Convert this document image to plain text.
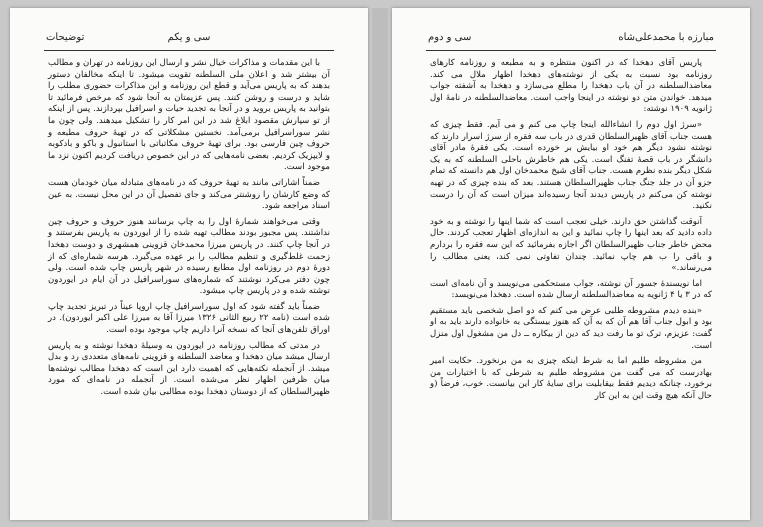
توضیحات	سی و یکم

با این مقدمات و مذاکرات خیال نشر و ارسال این روزنامه در تهران و مطالب آن بیشتر شد و اعلان ملی السلطنه تقویت میشود. تا اینکه مخالفان دستور بدهند که به پاریس می‌آید و قطع این روزنامه و این مذاکرات حضوری مطلب را شاید و درست و روشن کنند. پس عزیمتان به آنجا شود که مرخص فرمائید تا بتوانید به پاریس بروید و در آنجا به تجدید حیات و اسرافیل بپردازند. پس از اینکه از تو سپارش مقصود ابلاغ شد در این امر کار را تشکیل میدهند. ولی چون ما نشر سوراسرافیل برمی‌آمد. نخستین مشکلاتی که در تهیهٔ حروف مطبعه و حروف چین فارسی بود. برای تهیهٔ حروف مکاتباتی با استانبول و باکو و بادکوبه و لایپزیک کردیم. بعضی نامه‌هایی که در این خصوص دریافت کردیم اکنون نزد ما موجود است.

ضمناً اشاراتی مانند به تهیهٔ حروف که در نامه‌های متبادله میان خودمان هست که وضع کارشان را روشنتر می‌کند و جای تفصیل آن در این محل نیست. به عین اسناد مراجعه شود.

وقتی می‌خواهند شمارهٔ اول را به چاپ برسانند هنوز حروف و حروف چین نداشتند. پس مجبور بودند مطالب تهیه شده را از ایوردون به پاریس بفرستند و در آنجا چاپ کنند. در پاریس میرزا محمدخان قزوینی همشهری و دوست دهخدا زحمت غلط‌گیری و تنظیم مطالب را بر عهده می‌گیرد. هرسه شماره‌ای که از دورهٔ دوم در روزنامه اول مطابع رسیده در شهر پاریس چاپ شده است. ولی چون دفتر می‌کرد نوشتند که شماره‌های سوراسرافیل در آن ایام در ایوردون نوشته شده و در پاریس چاپ میشود.

ضمناً باید گفته شود که اول سوراسرافیل چاپ اروپا عیناً در تبریز تجدید چاپ شده است (نامه ۲۲ ربیع الثانی ۱۳۲۶ میرزا آقا به میرزا علی اکبر ایوردون). در اوراق تلفن‌های آنجا که نسخه آنرا داریم چاپ موجود بوده است.

در مدتی که مطالب روزنامه در ایوردون به وسیلهٔ دهخدا نوشته و به پاریس ارسال میشد میان دهخدا و معاضد السلطنه و قزوینی نامه‌های متعددی رد و بدل میشد. از آنجمله نکته‌هایی که اهمیت دارد این است که دهخدا مطالب نوشته‌ها میان ظرفین اظهار نظر می‌شده است. از آنجمله در نامه‌ای که مورد ظهیرالسلطان که از دوستان دهخدا بوده مطالبی بیان شده است.

سی و دوم	مبارزه با محمدعلی‌شاه

پاریس آقای دهخدا که در اکنون منتظره و به مطبعه و روزنامه کارهای روزنامه بود نسبت به یکی از نوشته‌های دهخدا اظهار ملال می کند. معاضدالسلطنه در آن باب دهخدا را مطلع می‌سازد و دهخدا به آشفته جواب میدهد. خواندن متن دو نوشته در اینجا واجب است. معاضدالسلطنه در نامهٔ اول ژانویه ۱۹۰۹ نوشته:

«سرژ اول دوم را انشاءالله اینجا چاپ می کنم و می آیم. فقط چیزی که هست جناب آقای ظهیرالسلطان قدری در باب سه فقره از سرژ اسرار دارند که نوشته نشود دیگر هم خود او بیایش بر خورده است. یکی فقرهٔ مادر آقای دانشگر در باب قصهٔ تفنگ است. یکی هم خاطرش باحلی السلطنه که به یک شکل دیگر بنده نظرم هست. جناب آقای شیخ محمدخان اول هم دانسته که تمام جزو آن در جلد جنگ جناب ظهیرالسلطان هستند. بعد که بنده چیزی که در تهیه نوشته کن می‌کنم در پاریس دیدند آنجا رسیده‌اند میزان است که آن را درست نکنید.

آنوقت گذاشتن حق دارند. خیلی تعجب است که شما اینها را نوشته و به خود داده دادید که بعد اینها را چاپ نمائید و این به اندازه‌ای اظهار تعجب کردند. حال محض خاطر جناب ظهیرالسلطان اگر اجازه بفرمائید که این سه فقره را بردارم و باقی را ب هم چاپ نمائید. چندان تفاوتی نمی کند، یعنی مطالب را می‌رساند.»

اما نویسندهٔ جسور آن نوشته، جواب مستحکمی می‌نویسد و آن نامه‌ای است که در ۳ یا ۴ ژانویه به معاضدالسلطنه ارسال شده است. دهخدا می‌نویسد:

«بنده دیدم مشروطه طلبی عرض می کنم که دو اصل شخصی باید مستقیم بود و ابول جناب آقا هم آن که به آن که هنوز بیستگی به خانواده دارند باید به او گفت: عزیزم، ترک تو ما رفت دید که دین از بیکاره ــ دل من مشغول اول منزل است.

من مشروطه طلبم اما به شرط اینکه چیزی به من برنخورد. حکایت امیر بهادرست که می گفت من مشروطه طلبم به شرطی که با اختیارات من برخورد، چنانکه دیدیم فقط بیقابلیت برای سایهٔ کار این بیانست. خوب، فرضاً (و حال آنکه هیچ وقت این به این کار
